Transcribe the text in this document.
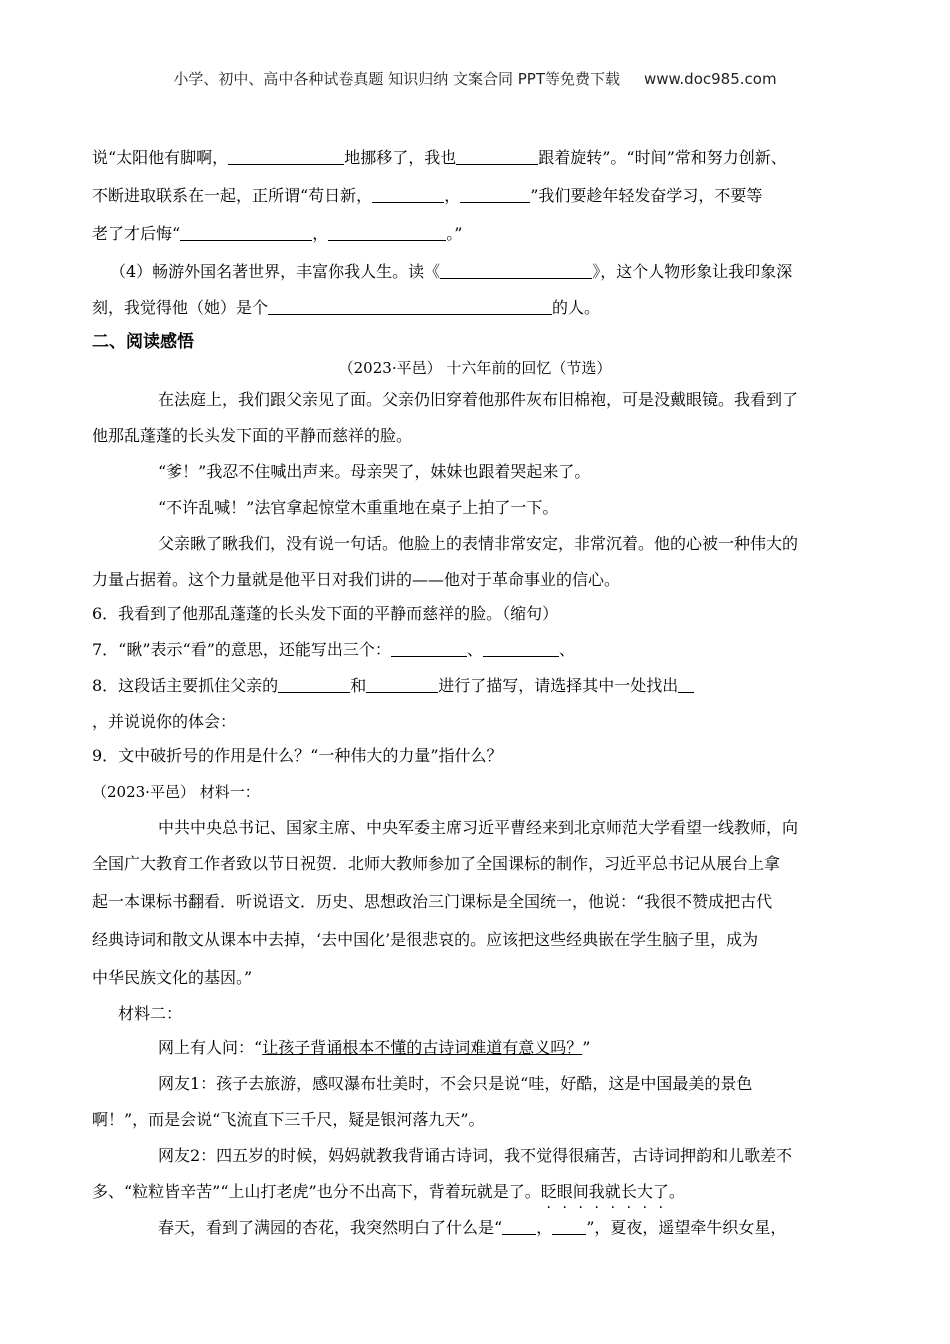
小学、初中、高中各种试卷真题 知识归纳 文案合同 PPT等免费下载 www.doc985.com
说“太阳他有脚啊，	地挪移了，我也	跟着旋转”。“时间”常和努力创新、
不断进取联系在一起，正所谓“苟日新，	，	”我们要趁年轻发奋学习，不要等
老了才后悔“	，	。”
（4）畅游外国名著世界，丰富你我人生。读《	》，这个人物形象让我印象深
刻，我觉得他（她）是个	的人。
二、阅读感悟
（2023·平邑） 十六年前的回忆（节选）
在法庭上，我们跟父亲见了面。父亲仍旧穿着他那件灰布旧棉袍，可是没戴眼镜。我看到了
他那乱蓬蓬的长头发下面的平静而慈祥的脸。
“爹！”我忍不住喊出声来。母亲哭了，妹妹也跟着哭起来了。
“不许乱喊！”法官拿起惊堂木重重地在桌子上拍了一下。
父亲瞅了瞅我们，没有说一句话。他脸上的表情非常安定，非常沉着。他的心被一种伟大的
力量占据着。这个力量就是他平日对我们讲的——他对于革命事业的信心。
6．我看到了他那乱蓬蓬的长头发下面的平静而慈祥的脸。（缩句）
7．“瞅”表示“看”的意思，还能写出三个：	、	、
8．这段话主要抓住父亲的	和	进行了描写，请选择其中一处找出
，并说说你的体会：
9．文中破折号的作用是什么？“一种伟大的力量”指什么？
（2023·平邑） 材料一：
中共中央总书记、国家主席、中央军委主席习近平曹经来到北京师范大学看望一线教师，向
全国广大教育工作者致以节日祝贺．北师大教师参加了全国课标的制作，习近平总书记从展台上拿
起一本课标书翻看．听说语文．历史、思想政治三门课标是全国统一，他说：“我很不赞成把古代
经典诗词和散文从课本中去掉，‘去中国化’是很悲哀的。应该把这些经典嵌在学生脑子里，成为
中华民族文化的基因。”
材料二：
网上有人问：“让孩子背诵根本不懂的古诗词难道有意义吗？”
网友1：孩子去旅游，感叹瀑布壮美时，不会只是说“哇，好酷，这是中国最美的景色
啊！”，而是会说“飞流直下三千尺，疑是银河落九天”。
网友2：四五岁的时候，妈妈就教我背诵古诗词，我不觉得很痛苦，古诗词押韵和儿歌差不
多、“粒粒皆辛苦”“上山打老虎”也分不出高下，背着玩就是了。眨眼间我就长大了。
春天，看到了满园的杏花，我突然明白了什么是“ ， ”，夏夜，遥望牵牛织女星，
